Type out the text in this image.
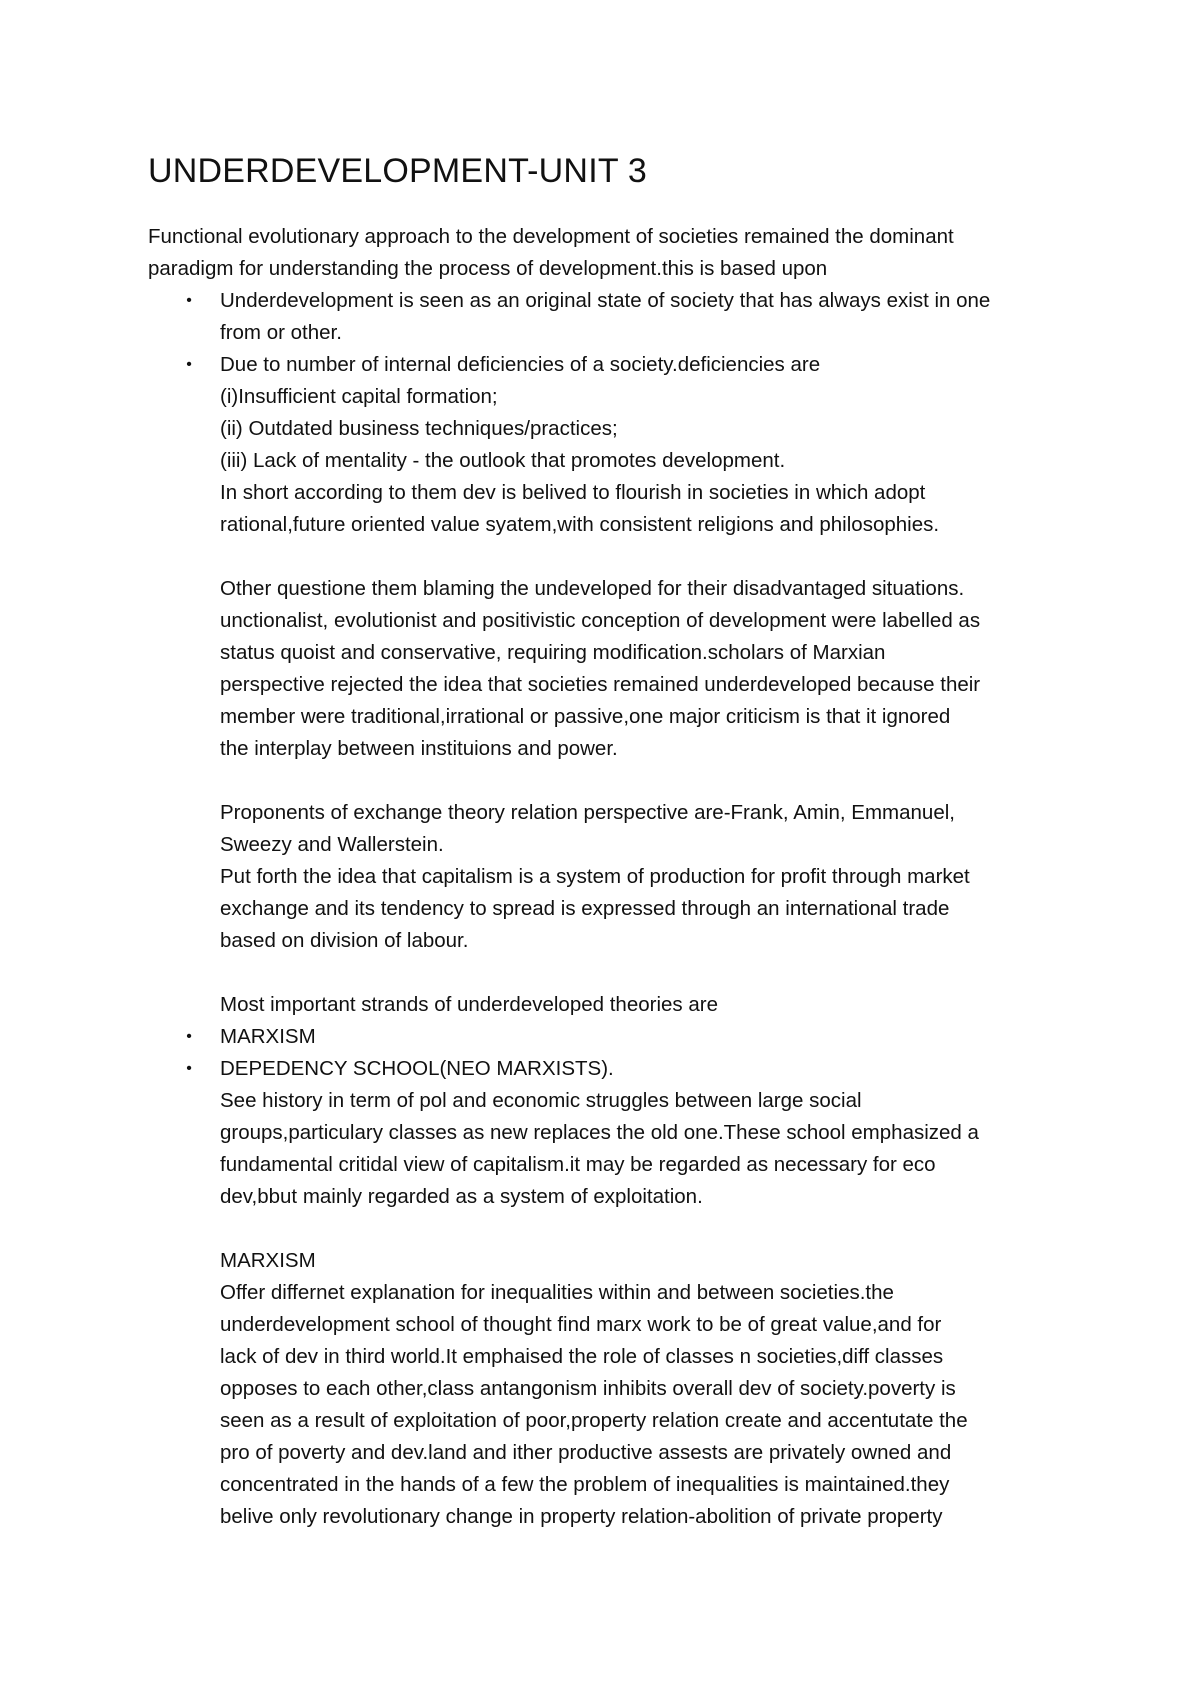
UNDERDEVELOPMENT-UNIT 3

Functional evolutionary approach to the development of societies remained the dominant

paradigm for understanding the process of development.this is based upon

• Underdevelopment is seen as an original state of society that has always exist in one
from or other.
• Due to number of internal deficiencies of a society.deficiencies are
(i)Insufficient capital formation;
(ii) Outdated business techniques/practices;
(iii) Lack of mentality - the outlook that promotes development.
In short according to them dev is belived to flourish in societies in which adopt
rational,future oriented value syatem,with consistent religions and philosophies.
Other questione them blaming the undeveloped for their disadvantaged situations.
unctionalist, evolutionist and positivistic conception of development were labelled as
status quoist and conservative, requiring modification.scholars of Marxian
perspective rejected the idea that societies remained underdeveloped because their
member were traditional,irrational or passive,one major criticism is that it ignored
the interplay between instituions and power.
Proponents of exchange theory relation perspective are-Frank, Amin, Emmanuel,
Sweezy and Wallerstein.
Put forth the idea that capitalism is a system of production for profit through market
exchange and its tendency to spread is expressed through an international trade
based on division of labour.
Most important strands of underdeveloped theories are
• MARXISM
• DEPEDENCY SCHOOL(NEO MARXISTS).
See history in term of pol and economic struggles between large social
groups,particulary classes as new replaces the old one.These school emphasized a
fundamental critidal view of capitalism.it may be regarded as necessary for eco
dev,bbut mainly regarded as a system of exploitation.
MARXISM
Offer differnet explanation for inequalities within and between societies.the
underdevelopment school of thought find marx work to be of great value,and for
lack of dev in third world.It emphaised the role of classes n societies,diff classes
opposes to each other,class antangonism inhibits overall dev of society.poverty is
seen as a result of exploitation of poor,property relation create and accentutate the
pro of poverty and dev.land and ither productive assests are privately owned and
concentrated in the hands of a few the problem of inequalities is maintained.they
belive only revolutionary change in property relation-abolition of private property
